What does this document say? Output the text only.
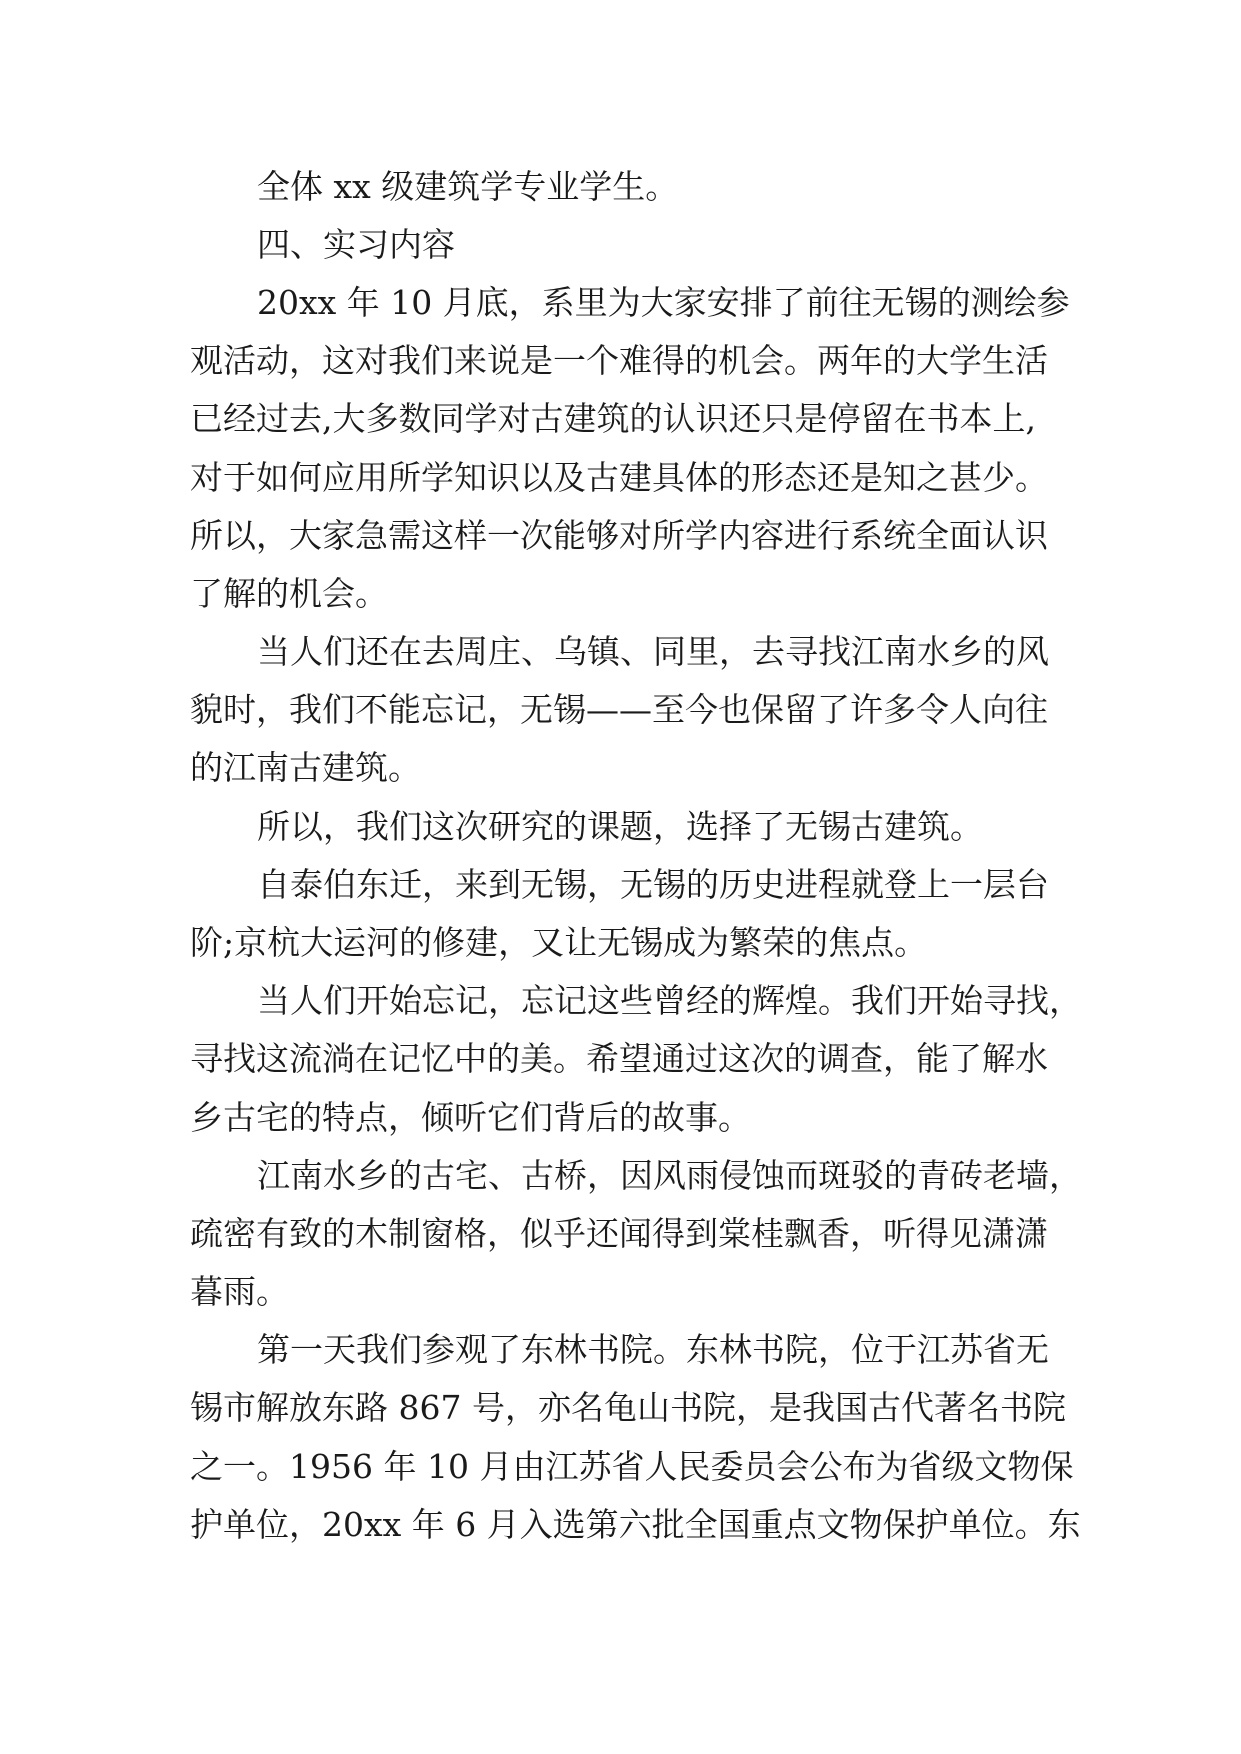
全体 xx 级建筑学专业学生。
四、实习内容
20xx 年 10 月底，系里为大家安排了前往无锡的测绘参
观活动，这对我们来说是一个难得的机会。两年的大学生活
已经过去,大多数同学对古建筑的认识还只是停留在书本上,
对于如何应用所学知识以及古建具体的形态还是知之甚少。
所以，大家急需这样一次能够对所学内容进行系统全面认识
了解的机会。
当人们还在去周庄、乌镇、同里，去寻找江南水乡的风
貌时，我们不能忘记，无锡——至今也保留了许多令人向往
的江南古建筑。
所以，我们这次研究的课题，选择了无锡古建筑。
自泰伯东迁，来到无锡，无锡的历史进程就登上一层台
阶;京杭大运河的修建，又让无锡成为繁荣的焦点。
当人们开始忘记，忘记这些曾经的辉煌。我们开始寻找，
寻找这流淌在记忆中的美。希望通过这次的调查，能了解水
乡古宅的特点，倾听它们背后的故事。
江南水乡的古宅、古桥，因风雨侵蚀而斑驳的青砖老墙，
疏密有致的木制窗格，似乎还闻得到棠桂飘香，听得见潇潇
暮雨。
第一天我们参观了东林书院。东林书院，位于江苏省无
锡市解放东路 867 号，亦名龟山书院，是我国古代著名书院
之一。1956 年 10 月由江苏省人民委员会公布为省级文物保
护单位，20xx 年 6 月入选第六批全国重点文物保护单位。东
